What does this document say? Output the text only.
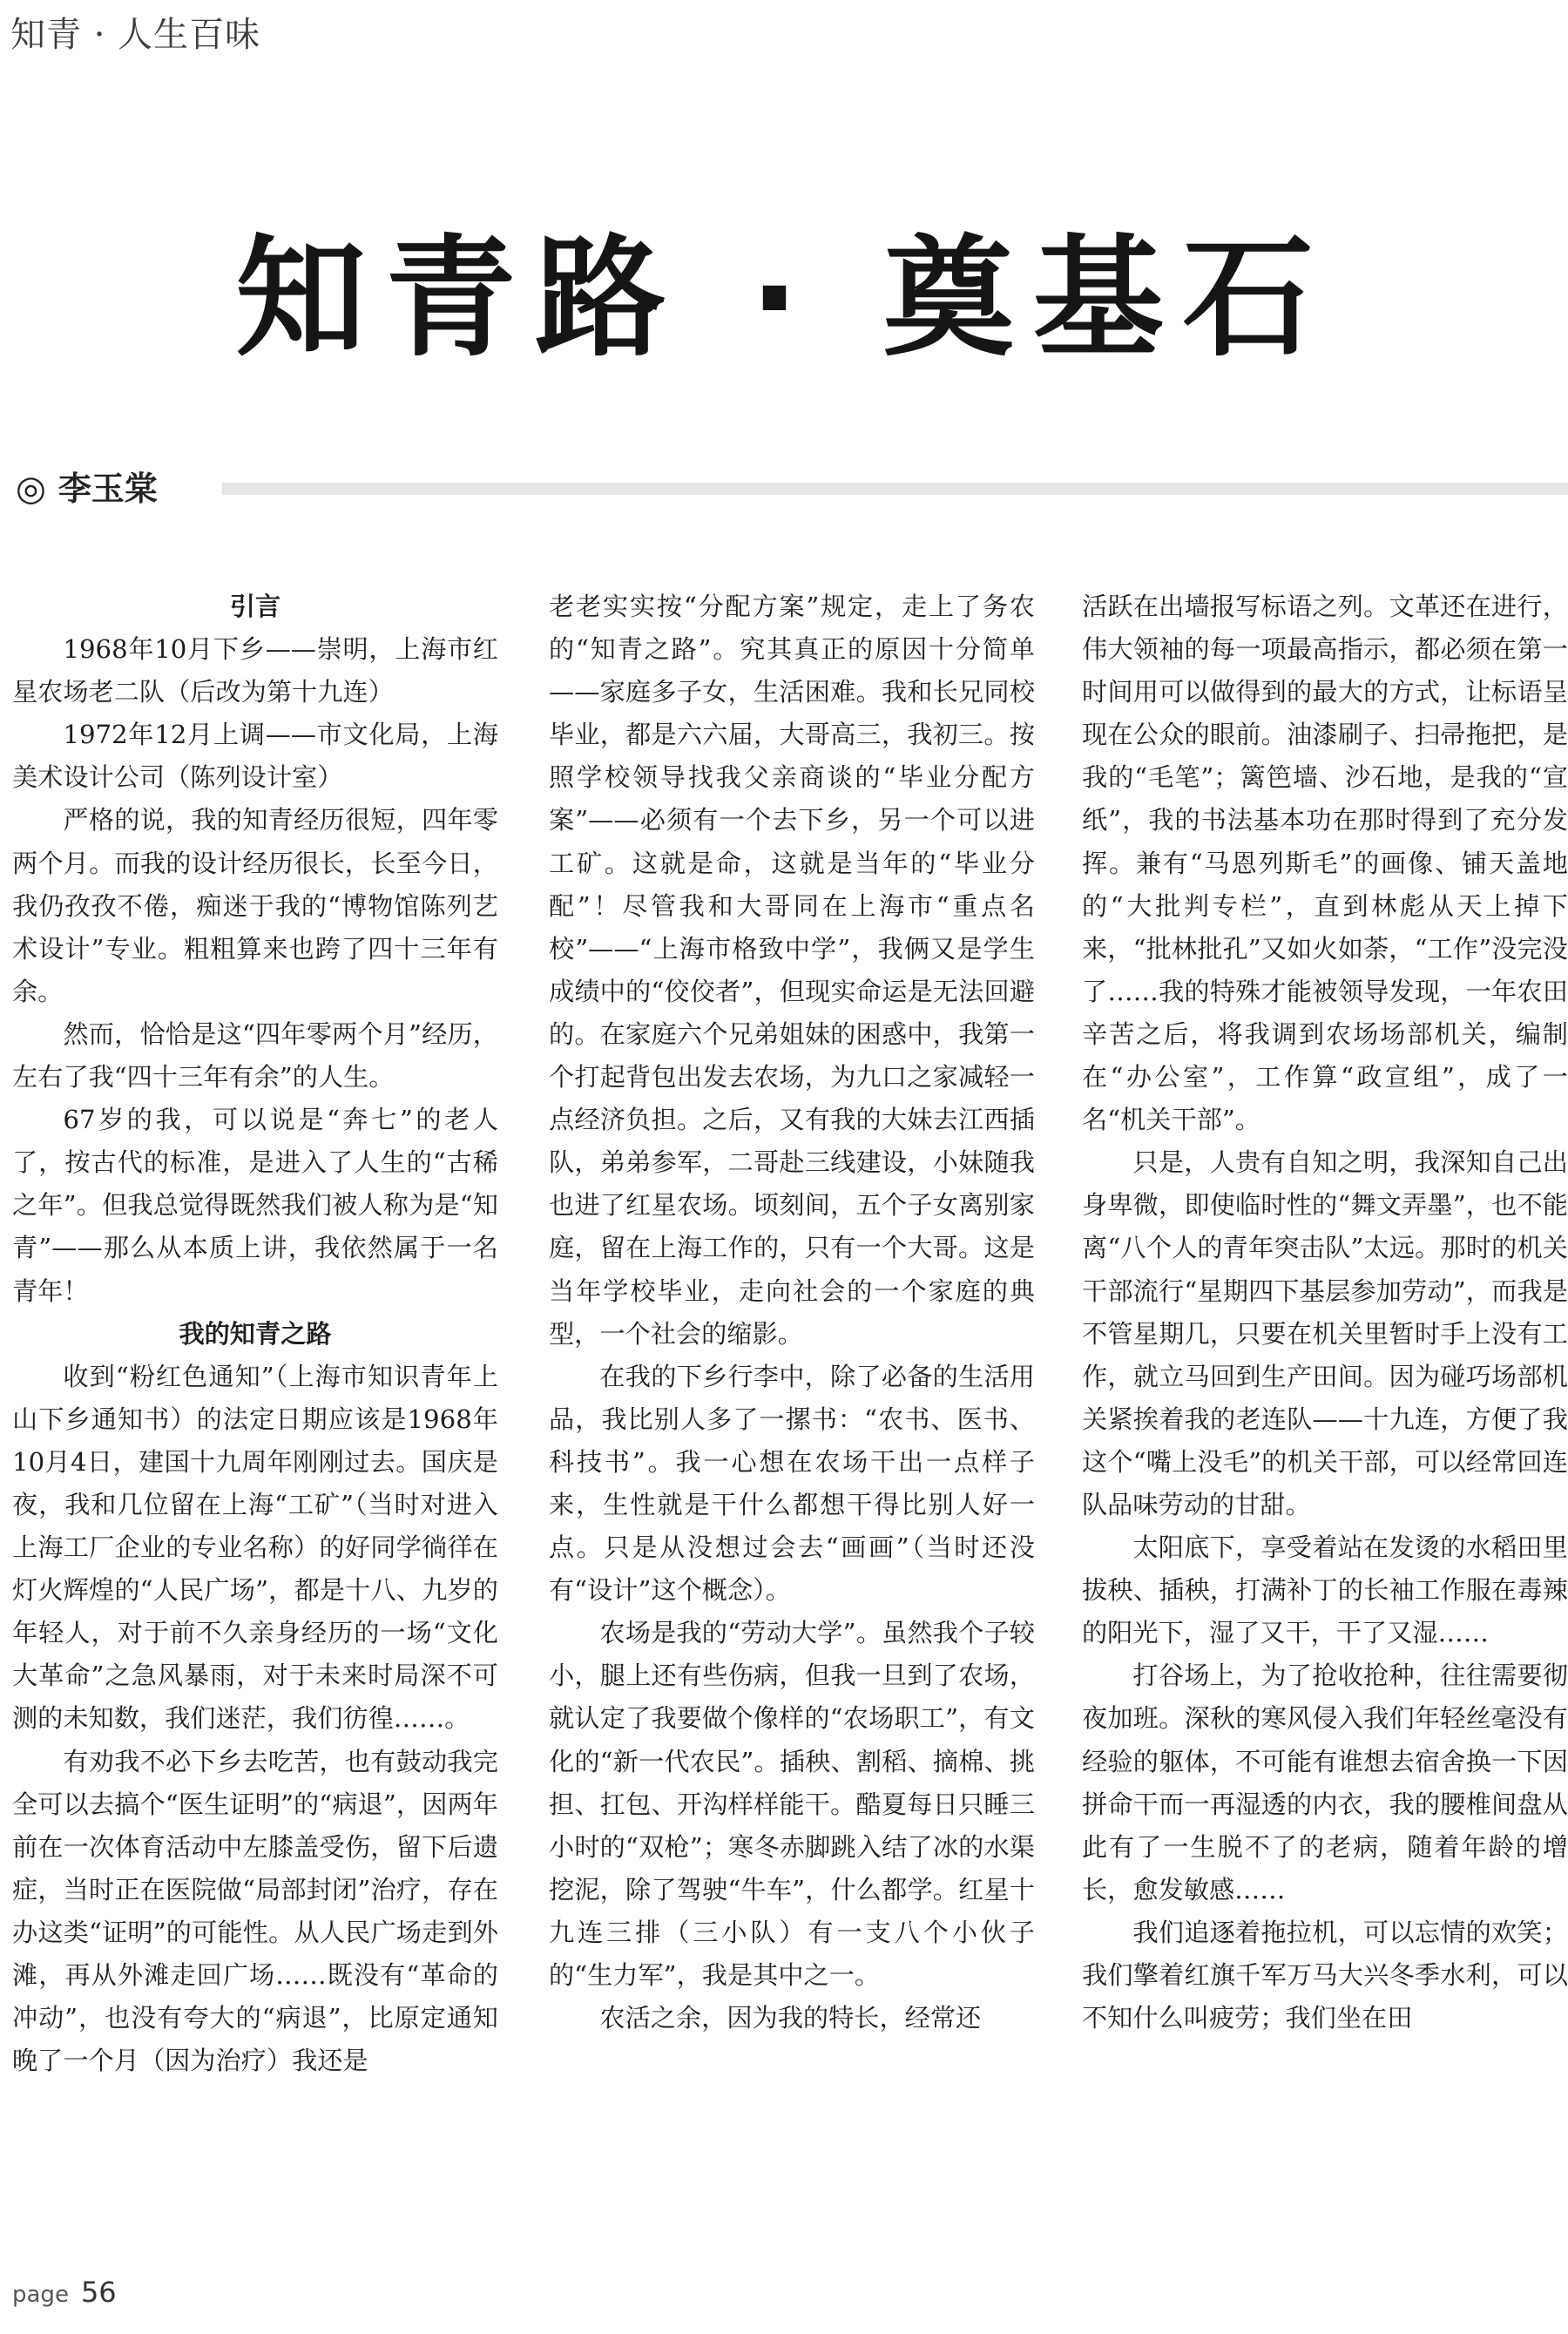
知青 · 人生百味
知青路 · 奠基石
◎ 李玉棠
引言

1968年10月下乡——崇明，上海市红星农场老二队（后改为第十九连）

1972年12月上调——市文化局，上海美术设计公司（陈列设计室）

严格的说，我的知青经历很短，四年零两个月。而我的设计经历很长，长至今日，我仍孜孜不倦，痴迷于我的“博物馆陈列艺术设计”专业。粗粗算来也跨了四十三年有余。

然而，恰恰是这“四年零两个月”经历，左右了我“四十三年有余”的人生。

67岁的我，可以说是“奔七”的老人了，按古代的标准，是进入了人生的“古稀之年”。但我总觉得既然我们被人称为是“知青”——那么从本质上讲，我依然属于一名青年！

我的知青之路

收到“粉红色通知”（上海市知识青年上山下乡通知书）的法定日期应该是1968年10月4日，建国十九周年刚刚过去。国庆是夜，我和几位留在上海“工矿”（当时对进入上海工厂企业的专业名称）的好同学徜徉在灯火辉煌的“人民广场”，都是十八、九岁的年轻人，对于前不久亲身经历的一场“文化大革命”之急风暴雨，对于未来时局深不可测的未知数，我们迷茫，我们彷徨……。

有劝我不必下乡去吃苦，也有鼓动我完全可以去搞个“医生证明”的“病退”，因两年前在一次体育活动中左膝盖受伤，留下后遗症，当时正在医院做“局部封闭”治疗，存在办这类“证明”的可能性。从人民广场走到外滩，再从外滩走回广场……既没有“革命的冲动”，也没有夸大的“病退”，比原定通知晚了一个月（因为治疗）我还是

老老实实按“分配方案”规定，走上了务农的“知青之路”。究其真正的原因十分简单——家庭多子女，生活困难。我和长兄同校毕业，都是六六届，大哥高三，我初三。按照学校领导找我父亲商谈的“毕业分配方案”——必须有一个去下乡，另一个可以进工矿。这就是命，这就是当年的“毕业分配”！尽管我和大哥同在上海市“重点名校”——“上海市格致中学”，我俩又是学生成绩中的“佼佼者”，但现实命运是无法回避的。在家庭六个兄弟姐妹的困惑中，我第一个打起背包出发去农场，为九口之家减轻一点经济负担。之后，又有我的大妹去江西插队，弟弟参军，二哥赴三线建设，小妹随我也进了红星农场。顷刻间，五个子女离别家庭，留在上海工作的，只有一个大哥。这是当年学校毕业，走向社会的一个家庭的典型，一个社会的缩影。

在我的下乡行李中，除了必备的生活用品，我比别人多了一摞书：“农书、医书、科技书”。我一心想在农场干出一点样子来，生性就是干什么都想干得比别人好一点。只是从没想过会去“画画”（当时还没有“设计”这个概念）。

农场是我的“劳动大学”。虽然我个子较小，腿上还有些伤病，但我一旦到了农场，就认定了我要做个像样的“农场职工”，有文化的“新一代农民”。插秧、割稻、摘棉、挑担、扛包、开沟样样能干。酷夏每日只睡三小时的“双枪”；寒冬赤脚跳入结了冰的水渠挖泥，除了驾驶“牛车”，什么都学。红星十九连三排（三小队）有一支八个小伙子的“生力军”，我是其中之一。

农活之余，因为我的特长，经常还

活跃在出墙报写标语之列。文革还在进行，伟大领袖的每一项最高指示，都必须在第一时间用可以做得到的最大的方式，让标语呈现在公众的眼前。油漆刷子、扫帚拖把，是我的“毛笔”；篱笆墙、沙石地，是我的“宣纸”，我的书法基本功在那时得到了充分发挥。兼有“马恩列斯毛”的画像、铺天盖地的“大批判专栏”，直到林彪从天上掉下来，“批林批孔”又如火如荼，“工作”没完没了……我的特殊才能被领导发现，一年农田辛苦之后，将我调到农场场部机关，编制在“办公室”，工作算“政宣组”，成了一名“机关干部”。

只是，人贵有自知之明，我深知自己出身卑微，即使临时性的“舞文弄墨”，也不能离“八个人的青年突击队”太远。那时的机关干部流行“星期四下基层参加劳动”，而我是不管星期几，只要在机关里暂时手上没有工作，就立马回到生产田间。因为碰巧场部机关紧挨着我的老连队——十九连，方便了我这个“嘴上没毛”的机关干部，可以经常回连队品味劳动的甘甜。

太阳底下，享受着站在发烫的水稻田里拔秧、插秧，打满补丁的长袖工作服在毒辣的阳光下，湿了又干，干了又湿……

打谷场上，为了抢收抢种，往往需要彻夜加班。深秋的寒风侵入我们年轻丝毫没有经验的躯体，不可能有谁想去宿舍换一下因拼命干而一再湿透的内衣，我的腰椎间盘从此有了一生脱不了的老病，随着年龄的增长，愈发敏感……

我们追逐着拖拉机，可以忘情的欢笑；我们擎着红旗千军万马大兴冬季水利，可以不知什么叫疲劳；我们坐在田

page 56
